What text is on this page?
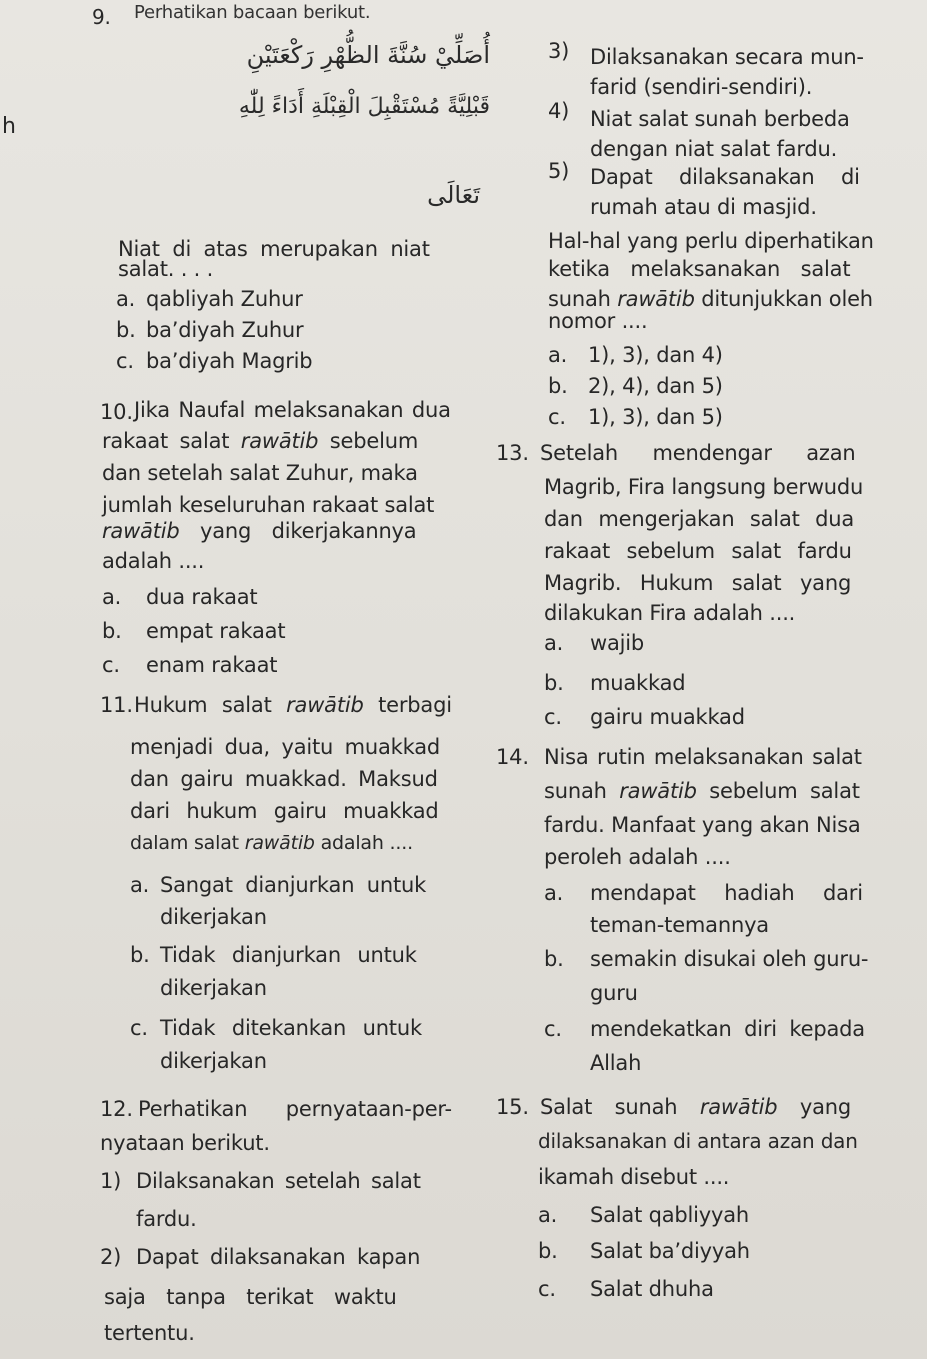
9. Perhatikan bacaan berikut.
أُصَلِّيْ سُنَّةَ الظُّهْرِ رَكْعَتَيْنِ
قَبْلِيَّةً مُسْتَقْبِلَ الْقِبْلَةِ أَدَاءً لِلّٰهِ
تَعَالَى
h
Niat di atas merupakan niat
salat. . . .
a. qabliyah Zuhur
b. ba’diyah Zuhur
c. ba’diyah Magrib
10. Jika Naufal melaksanakan dua
rakaat salat rawātib sebelum
dan setelah salat Zuhur, maka
jumlah keseluruhan rakaat salat
rawātib yang dikerjakannya
adalah ....
a. dua rakaat
b. empat rakaat
c. enam rakaat
11. Hukum salat rawātib terbagi
menjadi dua, yaitu muakkad
dan gairu muakkad. Maksud
dari hukum gairu muakkad
dalam salat rawātib adalah ....
a. Sangat dianjurkan untuk
dikerjakan
b. Tidak dianjurkan untuk
dikerjakan
c. Tidak ditekankan untuk
dikerjakan
12. Perhatikan pernyataan-per-
nyataan berikut.
1) Dilaksanakan setelah salat
fardu.
2) Dapat dilaksanakan kapan
saja tanpa terikat waktu
tertentu.
3) Dilaksanakan secara mun-
farid (sendiri-sendiri).
4) Niat salat sunah berbeda
dengan niat salat fardu.
5) Dapat dilaksanakan di
rumah atau di masjid.
Hal-hal yang perlu diperhatikan
ketika melaksanakan salat
sunah rawātib ditunjukkan oleh
nomor ....
a. 1), 3), dan 4)
b. 2), 4), dan 5)
c. 1), 3), dan 5)
13. Setelah mendengar azan
Magrib, Fira langsung berwudu
dan mengerjakan salat dua
rakaat sebelum salat fardu
Magrib. Hukum salat yang
dilakukan Fira adalah ....
a. wajib
b. muakkad
c. gairu muakkad
14. Nisa rutin melaksanakan salat
sunah rawātib sebelum salat
fardu. Manfaat yang akan Nisa
peroleh adalah ....
a. mendapat hadiah dari
teman-temannya
b. semakin disukai oleh guru-
guru
c. mendekatkan diri kepada
Allah
15. Salat sunah rawātib yang
dilaksanakan di antara azan dan
ikamah disebut ....
a. Salat qabliyyah
b. Salat ba’diyyah
c. Salat dhuha
